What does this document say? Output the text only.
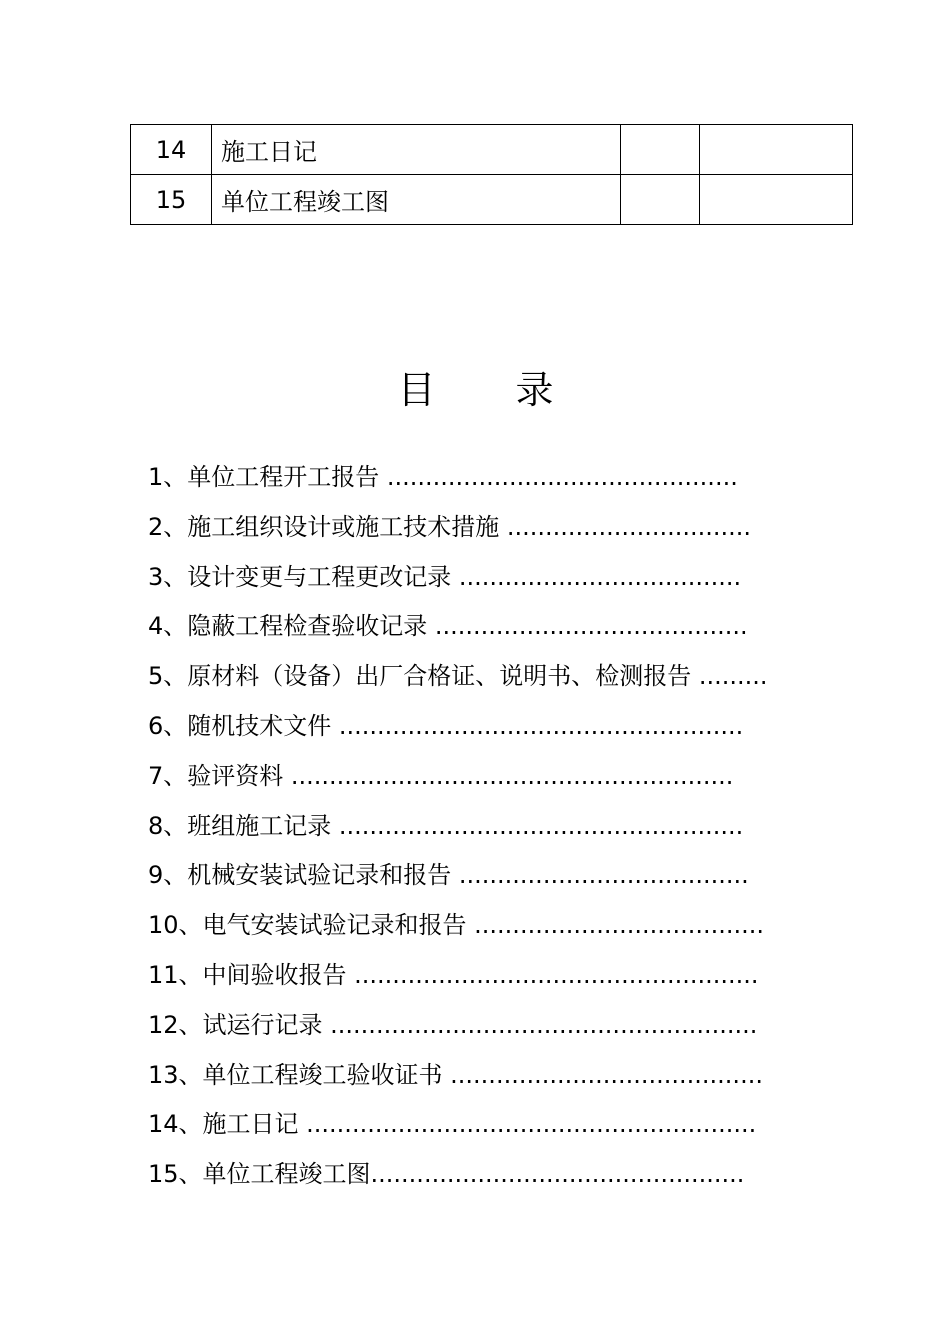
14	施工日记		
15	单位工程竣工图		
目 录
1、单位工程开工报告 ..............................................
2、施工组织设计或施工技术措施 ................................
3、设计变更与工程更改记录 .....................................
4、隐蔽工程检查验收记录 .........................................
5、原材料（设备）出厂合格证、说明书、检测报告 .........
6、随机技术文件 .....................................................
7、验评资料 ..........................................................
8、班组施工记录 .....................................................
9、机械安装试验记录和报告 ......................................
10、电气安装试验记录和报告 ......................................
11、中间验收报告 .....................................................
12、试运行记录 ........................................................
13、单位工程竣工验收证书 .........................................
14、施工日记 ...........................................................
15、单位工程竣工图.................................................
